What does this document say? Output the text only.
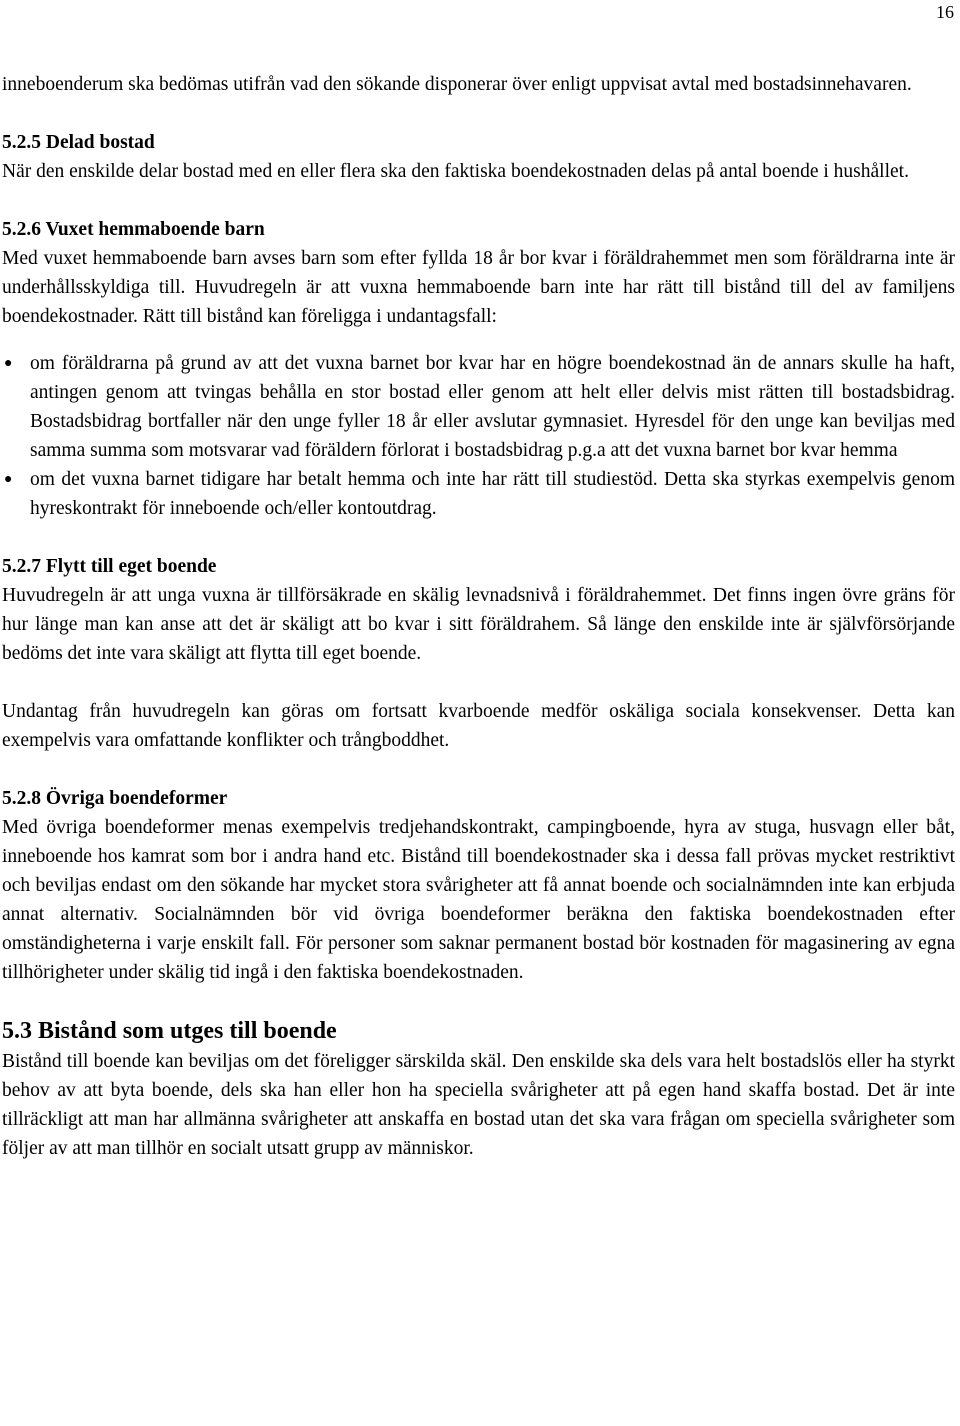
16

inneboenderum ska bedömas utifrån vad den sökande disponerar över enligt uppvisat avtal med bostadsinnehavaren.

5.2.5 Delad bostad

När den enskilde delar bostad med en eller flera ska den faktiska boendekostnaden delas på antal boende i hushållet.

5.2.6 Vuxet hemmaboende barn

Med vuxet hemmaboende barn avses barn som efter fyllda 18 år bor kvar i föräldrahemmet men som föräldrarna inte är underhållsskyldiga till. Huvudregeln är att vuxna hemmaboende barn inte har rätt till bistånd till del av familjens boendekostnader. Rätt till bistånd kan föreligga i undantagsfall:

● om föräldrarna på grund av att det vuxna barnet bor kvar har en högre boendekostnad än de annars skulle ha haft, antingen genom att tvingas behålla en stor bostad eller genom att helt eller delvis mist rätten till bostadsbidrag. Bostadsbidrag bortfaller när den unge fyller 18 år eller avslutar gymnasiet. Hyresdel för den unge kan beviljas med samma summa som motsvarar vad föräldern förlorat i bostadsbidrag p.g.a att det vuxna barnet bor kvar hemma
● om det vuxna barnet tidigare har betalt hemma och inte har rätt till studiestöd. Detta ska styrkas exempelvis genom hyreskontrakt för inneboende och/eller kontoutdrag.
5.2.7 Flytt till eget boende

Huvudregeln är att unga vuxna är tillförsäkrade en skälig levnadsnivå i föräldrahemmet. Det finns ingen övre gräns för hur länge man kan anse att det är skäligt att bo kvar i sitt föräldrahem. Så länge den enskilde inte är självförsörjande bedöms det inte vara skäligt att flytta till eget boende.

Undantag från huvudregeln kan göras om fortsatt kvarboende medför oskäliga sociala konsekvenser. Detta kan exempelvis vara omfattande konflikter och trångboddhet.

5.2.8 Övriga boendeformer

Med övriga boendeformer menas exempelvis tredjehandskontrakt, campingboende, hyra av stuga, husvagn eller båt, inneboende hos kamrat som bor i andra hand etc. Bistånd till boendekostnader ska i dessa fall prövas mycket restriktivt och beviljas endast om den sökande har mycket stora svårigheter att få annat boende och socialnämnden inte kan erbjuda annat alternativ. Socialnämnden bör vid övriga boendeformer beräkna den faktiska boendekostnaden efter omständigheterna i varje enskilt fall. För personer som saknar permanent bostad bör kostnaden för magasinering av egna tillhörigheter under skälig tid ingå i den faktiska boendekostnaden.

5.3 Bistånd som utges till boende

Bistånd till boende kan beviljas om det föreligger särskilda skäl. Den enskilde ska dels vara helt bostadslös eller ha styrkt behov av att byta boende, dels ska han eller hon ha speciella svårigheter att på egen hand skaffa bostad. Det är inte tillräckligt att man har allmänna svårigheter att anskaffa en bostad utan det ska vara frågan om speciella svårigheter som följer av att man tillhör en socialt utsatt grupp av människor.
